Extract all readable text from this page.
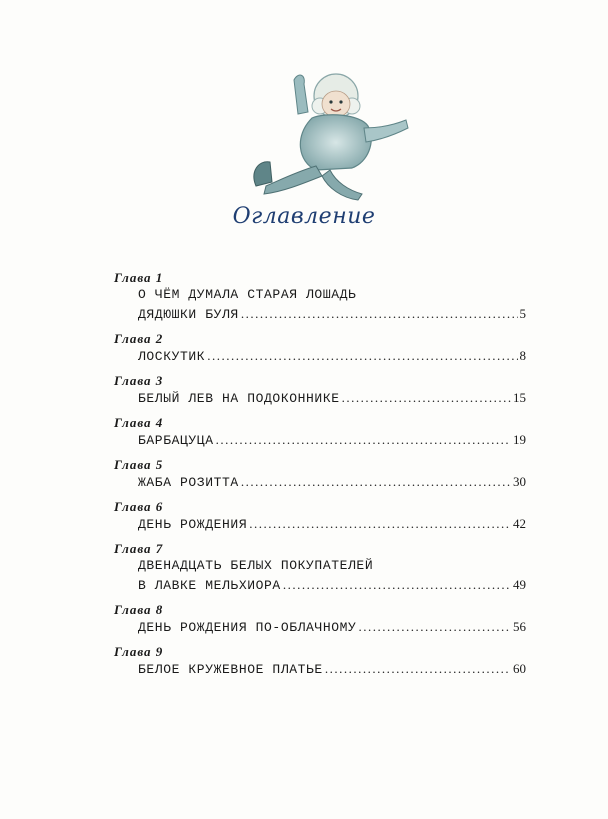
Оглавление
Глава 1
О ЧЁМ ДУМАЛА СТАРАЯ ЛОШАДЬ
ДЯДЮШКИ БУЛЯ .....	5
Глава 2
ЛОСКУТИК .....	8
Глава 3
БЕЛЫЙ ЛЕВ НА ПОДОКОННИКЕ .....	15
Глава 4
БАРБАЦУЦА .....	19
Глава 5
ЖАБА РОЗИТТА .....	30
Глава 6
ДЕНЬ РОЖДЕНИЯ .....	42
Глава 7
ДВЕНАДЦАТЬ БЕЛЫХ ПОКУПАТЕЛЕЙ
В ЛАВКЕ МЕЛЬХИОРА .....	49
Глава 8
ДЕНЬ РОЖДЕНИЯ ПО-ОБЛАЧНОМУ .....	56
Глава 9
БЕЛОЕ КРУЖЕВНОЕ ПЛАТЬЕ .....	60
